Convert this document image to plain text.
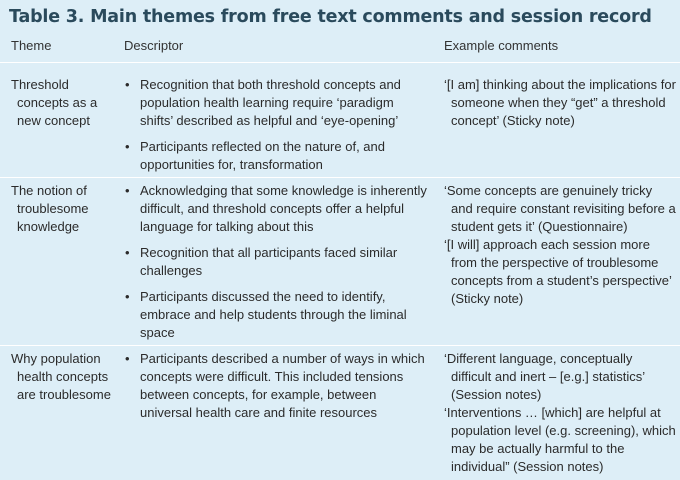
Table 3. Main themes from free text comments and session record
Theme	Descriptor	Example comments
Threshold concepts as a new concept
• Recognition that both threshold concepts and population health learning require ‘paradigm shifts’ described as helpful and ‘eye-opening’
• Participants reflected on the nature of, and opportunities for, transformation

‘[I am] thinking about the implications for someone when they “get” a threshold concept’ (Sticky note)

The notion of troublesome knowledge
• Acknowledging that some knowledge is inherently difficult, and threshold concepts offer a helpful language for talking about this
• Recognition that all participants faced similar challenges
• Participants discussed the need to identify, embrace and help students through the liminal space

‘Some concepts are genuinely tricky and require constant revisiting before a student gets it’ (Questionnaire)

‘[I will] approach each session more from the perspective of troublesome concepts from a student’s perspective’ (Sticky note)

Why population health concepts are troublesome
• Participants described a number of ways in which concepts were difficult. This included tensions between concepts, for example, between universal health care and finite resources

‘Different language, conceptually difficult and inert – [e.g.] statistics’ (Session notes)

‘Interventions … [which] are helpful at population level (e.g. screening), which may be actually harmful to the individual” (Session notes)
